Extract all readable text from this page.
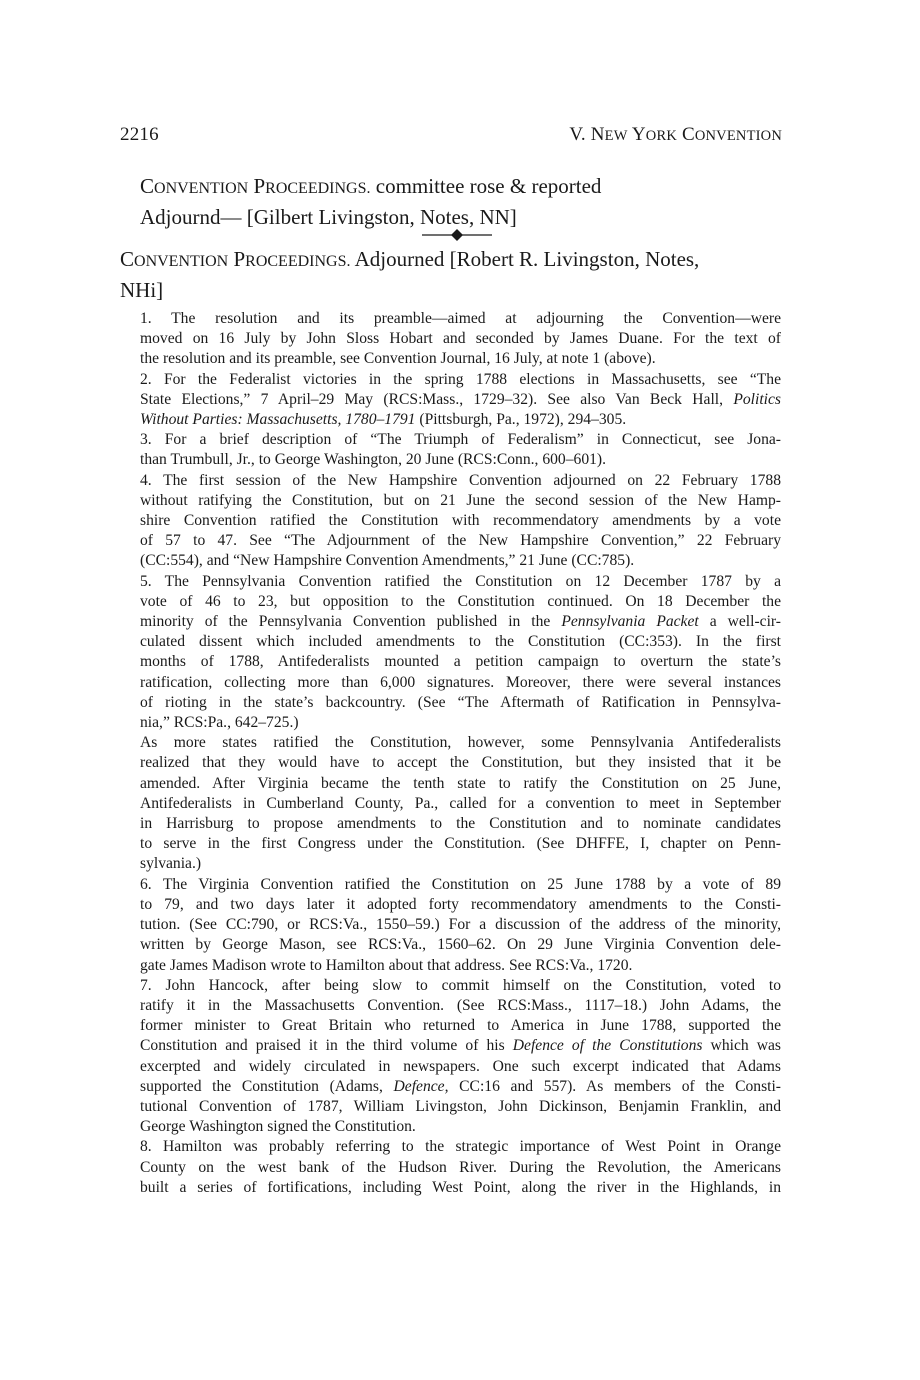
2216	V. NEW YORK CONVENTION
CONVENTION PROCEEDINGS. committee rose & reported
Adjournd— [Gilbert Livingston, Notes, NN]
CONVENTION PROCEEDINGS. Adjourned [Robert R. Livingston, Notes,
NHi]

1. The resolution and its preamble—aimed at adjourning the Convention—were
moved on 16 July by John Sloss Hobart and seconded by James Duane. For the text of
the resolution and its preamble, see Convention Journal, 16 July, at note 1 (above).

2. For the Federalist victories in the spring 1788 elections in Massachusetts, see “The
State Elections,” 7 April–29 May (RCS:Mass., 1729–32). See also Van Beck Hall, Politics
Without Parties: Massachusetts, 1780–1791 (Pittsburgh, Pa., 1972), 294–305.

3. For a brief description of “The Triumph of Federalism” in Connecticut, see Jona-
than Trumbull, Jr., to George Washington, 20 June (RCS:Conn., 600–601).

4. The first session of the New Hampshire Convention adjourned on 22 February 1788
without ratifying the Constitution, but on 21 June the second session of the New Hamp-
shire Convention ratified the Constitution with recommendatory amendments by a vote
of 57 to 47. See “The Adjournment of the New Hampshire Convention,” 22 February
(CC:554), and “New Hampshire Convention Amendments,” 21 June (CC:785).

5. The Pennsylvania Convention ratified the Constitution on 12 December 1787 by a
vote of 46 to 23, but opposition to the Constitution continued. On 18 December the
minority of the Pennsylvania Convention published in the Pennsylvania Packet a well-cir-
culated dissent which included amendments to the Constitution (CC:353). In the first
months of 1788, Antifederalists mounted a petition campaign to overturn the state’s
ratification, collecting more than 6,000 signatures. Moreover, there were several instances
of rioting in the state’s backcountry. (See “The Aftermath of Ratification in Pennsylva-
nia,” RCS:Pa., 642–725.)

As more states ratified the Constitution, however, some Pennsylvania Antifederalists
realized that they would have to accept the Constitution, but they insisted that it be
amended. After Virginia became the tenth state to ratify the Constitution on 25 June,
Antifederalists in Cumberland County, Pa., called for a convention to meet in September
in Harrisburg to propose amendments to the Constitution and to nominate candidates
to serve in the first Congress under the Constitution. (See DHFFE, I, chapter on Penn-
sylvania.)

6. The Virginia Convention ratified the Constitution on 25 June 1788 by a vote of 89
to 79, and two days later it adopted forty recommendatory amendments to the Consti-
tution. (See CC:790, or RCS:Va., 1550–59.) For a discussion of the address of the minority,
written by George Mason, see RCS:Va., 1560–62. On 29 June Virginia Convention dele-
gate James Madison wrote to Hamilton about that address. See RCS:Va., 1720.

7. John Hancock, after being slow to commit himself on the Constitution, voted to
ratify it in the Massachusetts Convention. (See RCS:Mass., 1117–18.) John Adams, the
former minister to Great Britain who returned to America in June 1788, supported the
Constitution and praised it in the third volume of his Defence of the Constitutions which was
excerpted and widely circulated in newspapers. One such excerpt indicated that Adams
supported the Constitution (Adams, Defence, CC:16 and 557). As members of the Consti-
tutional Convention of 1787, William Livingston, John Dickinson, Benjamin Franklin, and
George Washington signed the Constitution.

8. Hamilton was probably referring to the strategic importance of West Point in Orange
County on the west bank of the Hudson River. During the Revolution, the Americans
built a series of fortifications, including West Point, along the river in the Highlands, in
